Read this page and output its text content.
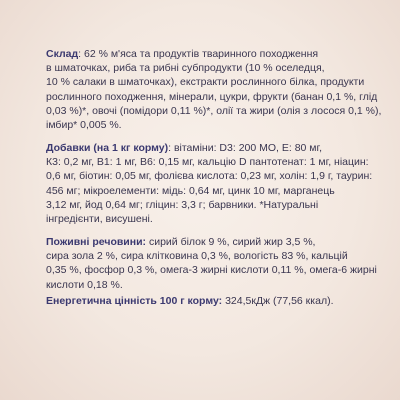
Склад: 62 % м'яса та продуктів тваринного походження
в шматочках, риба та рибні субпродукти (10 % оселедця,
10 % салаки в шматочках), екстракти рослинного білка, продукти
рослинного походження, мінерали, цукри, фрукти (банан 0,1 %, глід
0,03 %)*, овочі (помідори 0,11 %)*, олії та жири (олія з лосося 0,1 %),
імбир* 0,005 %.
Добавки (на 1 кг корму): вітаміни: D3: 200 МО, Е: 80 мг,
К3: 0,2 мг, В1: 1 мг, В6: 0,15 мг, кальцію D пантотенат: 1 мг, ніацин:
0,6 мг, біотин: 0,05 мг, фолієва кислота: 0,23 мг, холін: 1,9 г, таурин:
456 мг; мікроелементи: мідь: 0,64 мг, цинк 10 мг, марганець
3,12 мг, йод 0,64 мг; гліцин: 3,3 г; барвники. *Натуральні
інгредієнти, висушені.
Поживні речовини: сирий білок 9 %, сирий жир 3,5 %,
сира зола 2 %, сира клітковина 0,3 %, вологість 83 %, кальцій
0,35 %, фосфор 0,3 %, омега-3 жирні кислоти 0,11 %, омега-6 жирні
кислоти 0,18 %.
Енергетична цінність 100 г корму: 324,5кДж (77,56 ккал).
